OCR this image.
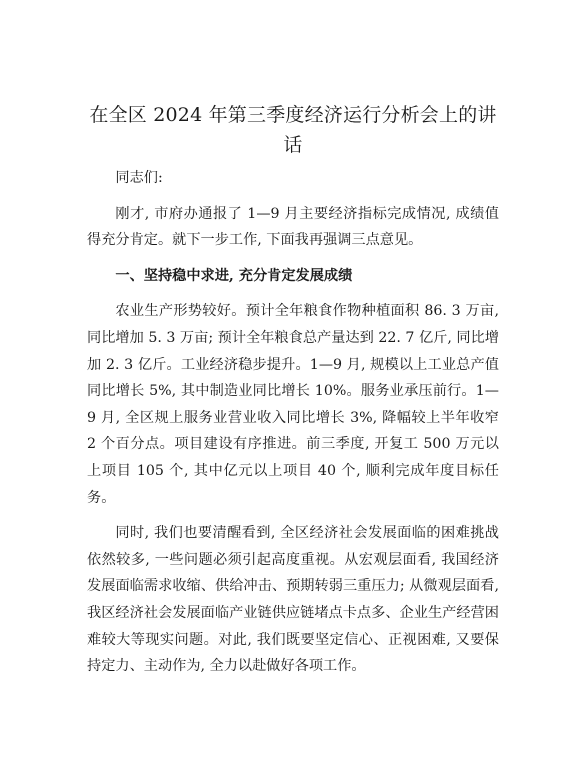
在全区 2024 年第三季度经济运行分析会上的讲话

同志们:

刚才, 市府办通报了 1—9 月主要经济指标完成情况, 成绩值得充分肯定。就下一步工作, 下面我再强调三点意见。

一、坚持稳中求进, 充分肯定发展成绩

农业生产形势较好。预计全年粮食作物种植面积 86. 3 万亩, 同比增加 5. 3 万亩; 预计全年粮食总产量达到 22. 7 亿斤, 同比增加 2. 3 亿斤。工业经济稳步提升。1—9 月, 规模以上工业总产值同比增长 5%, 其中制造业同比增长 10%。服务业承压前行。1—9 月, 全区规上服务业营业收入同比增长 3%, 降幅较上半年收窄 2 个百分点。项目建设有序推进。前三季度, 开复工 500 万元以上项目 105 个, 其中亿元以上项目 40 个, 顺利完成年度目标任务。

同时, 我们也要清醒看到, 全区经济社会发展面临的困难挑战依然较多, 一些问题必须引起高度重视。从宏观层面看, 我国经济发展面临需求收缩、供给冲击、预期转弱三重压力; 从微观层面看, 我区经济社会发展面临产业链供应链堵点卡点多、企业生产经营困难较大等现实问题。对此, 我们既要坚定信心、正视困难, 又要保持定力、主动作为, 全力以赴做好各项工作。
